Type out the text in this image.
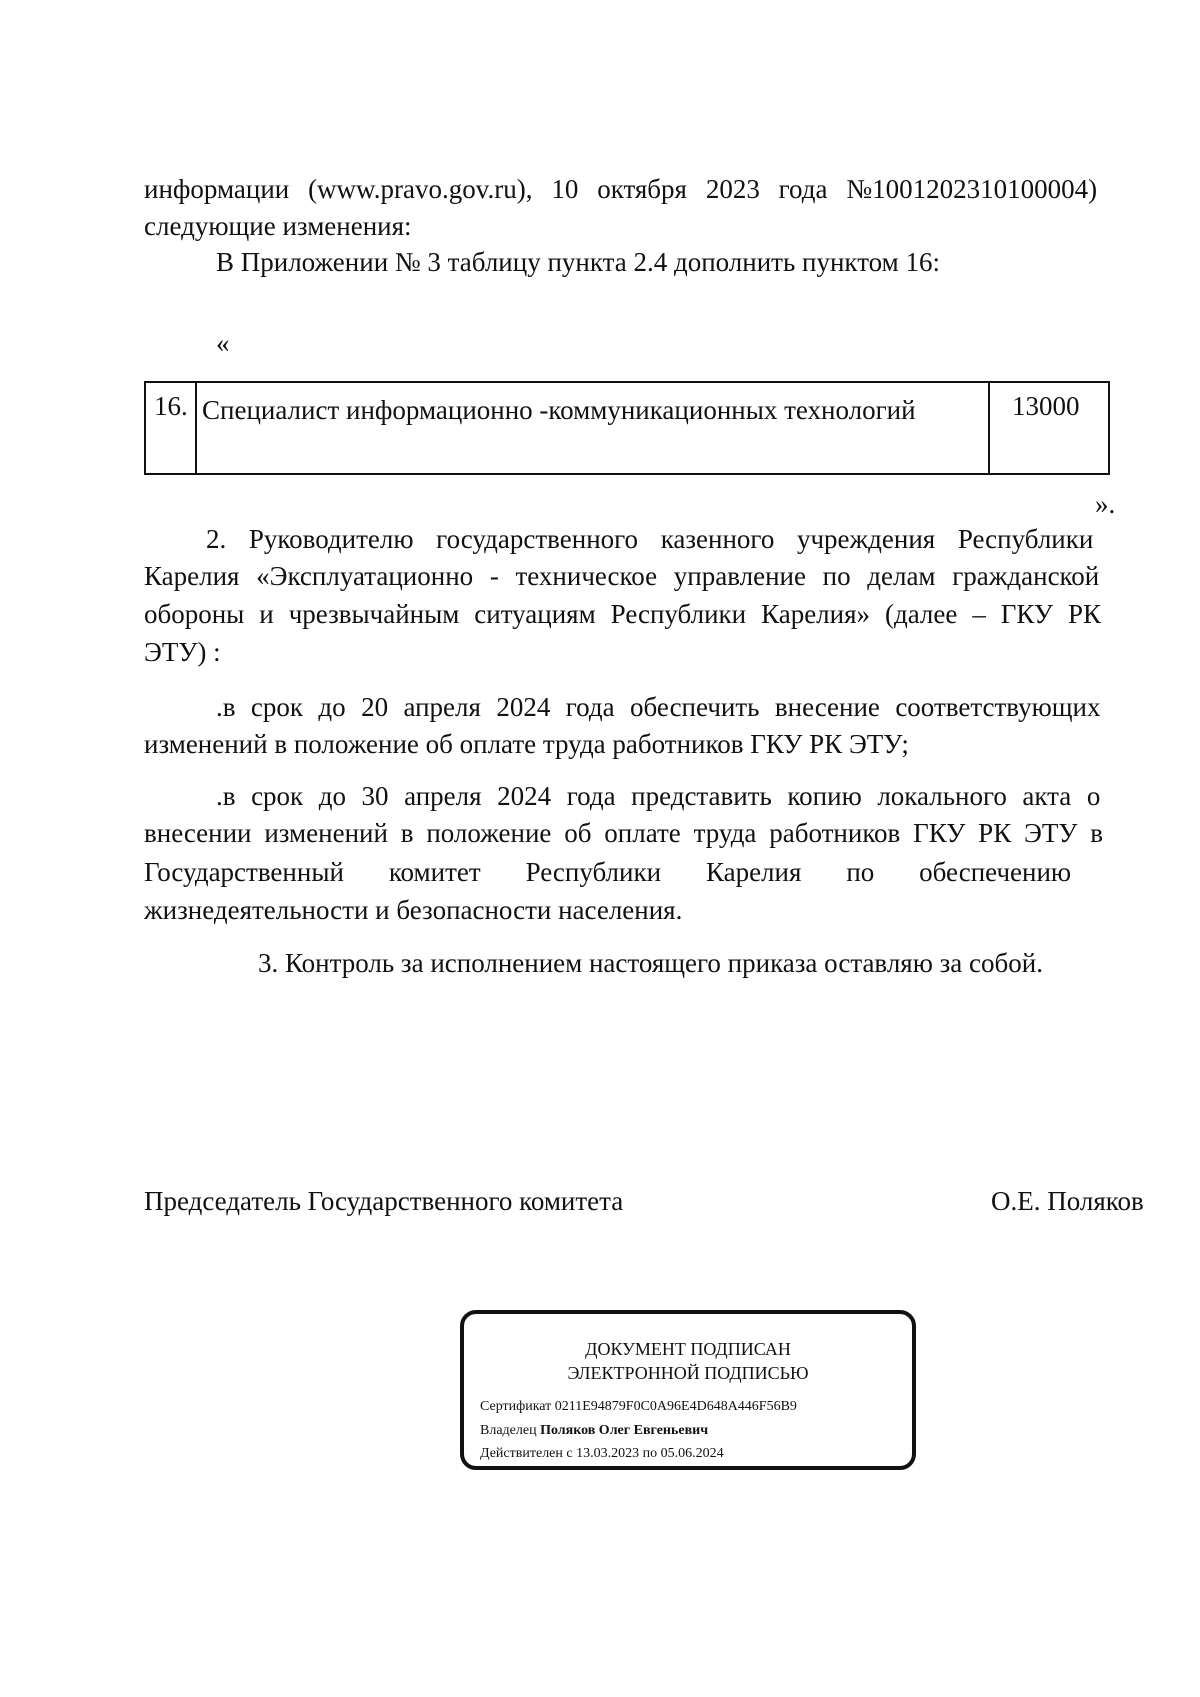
информации (www.pravo.gov.ru), 10 октября 2023 года №1001202310100004)
следующие изменения:
В Приложении № 3 таблицу пункта 2.4 дополнить пунктом 16:
«
16. Специалист информационно -коммуникационных технологий	13000
».
2. Руководителю государственного казенного учреждения Республики
Карелия «Эксплуатационно - техническое управление по делам гражданской
обороны и чрезвычайным ситуациям Республики Карелия» (далее – ГКУ РК
ЭТУ) :
.в срок до 20 апреля 2024 года обеспечить внесение соответствующих
изменений в положение об оплате труда работников ГКУ РК ЭТУ;
.в срок до 30 апреля 2024 года представить копию локального акта о
внесении изменений в положение об оплате труда работников ГКУ РК ЭТУ в
Государственный комитет Республики Карелия по обеспечению
жизнедеятельности и безопасности населения.
3. Контроль за исполнением настоящего приказа оставляю за собой.
Председатель Государственного комитета	О.Е. Поляков
ДОКУМЕНТ ПОДПИСАН
ЭЛЕКТРОННОЙ ПОДПИСЬЮ
Сертификат 0211E94879F0C0A96E4D648A446F56B9
Владелец Поляков Олег Евгеньевич
Действителен с 13.03.2023 по 05.06.2024
